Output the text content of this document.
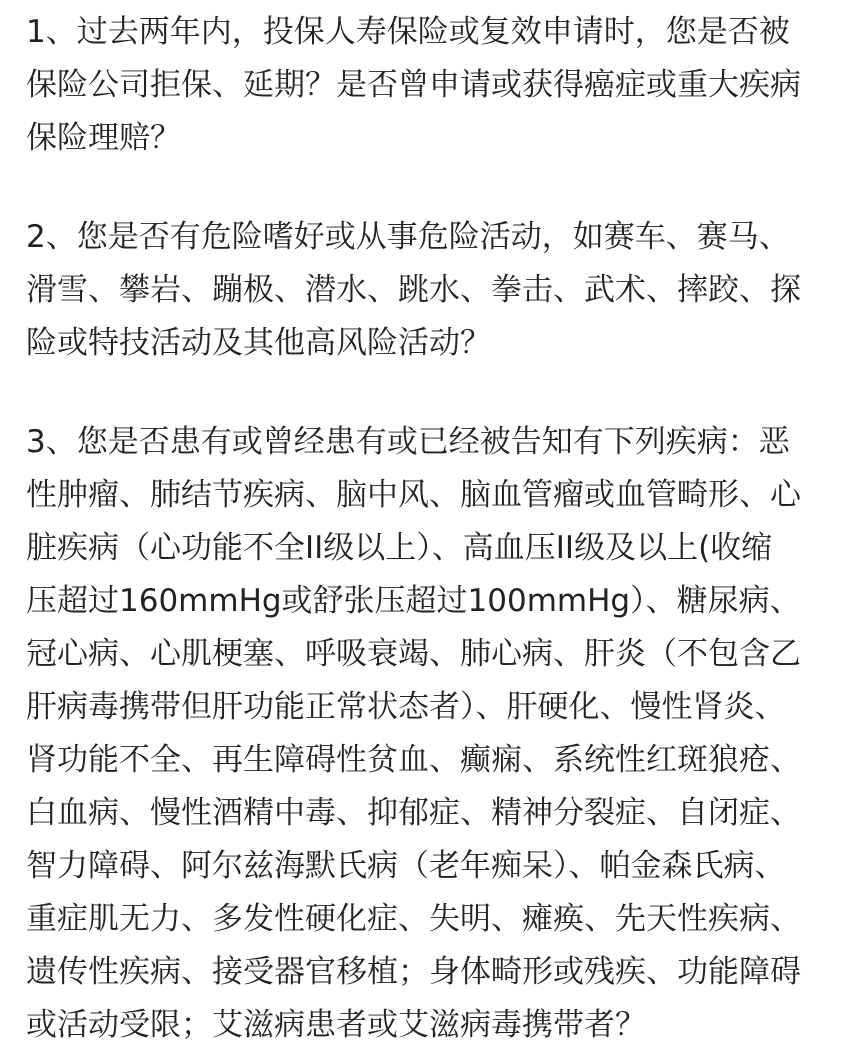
1、过去两年内，投保人寿保险或复效申请时，您是否被
保险公司拒保、延期？是否曾申请或获得癌症或重大疾病
保险理赔？
2、您是否有危险嗜好或从事危险活动，如赛车、赛马、
滑雪、攀岩、蹦极、潜水、跳水、拳击、武术、摔跤、探
险或特技活动及其他高风险活动？
3、您是否患有或曾经患有或已经被告知有下列疾病：恶
性肿瘤、肺结节疾病、脑中风、脑血管瘤或血管畸形、心
脏疾病（心功能不全II级以上）、高血压II级及以上(收缩
压超过160mmHg或舒张压超过100mmHg）、糖尿病、
冠心病、心肌梗塞、呼吸衰竭、肺心病、肝炎（不包含乙
肝病毒携带但肝功能正常状态者）、肝硬化、慢性肾炎、
肾功能不全、再生障碍性贫血、癫痫、系统性红斑狼疮、
白血病、慢性酒精中毒、抑郁症、精神分裂症、自闭症、
智力障碍、阿尔兹海默氏病（老年痴呆）、帕金森氏病、
重症肌无力、多发性硬化症、失明、瘫痪、先天性疾病、
遗传性疾病、接受器官移植；身体畸形或残疾、功能障碍
或活动受限；艾滋病患者或艾滋病毒携带者？
